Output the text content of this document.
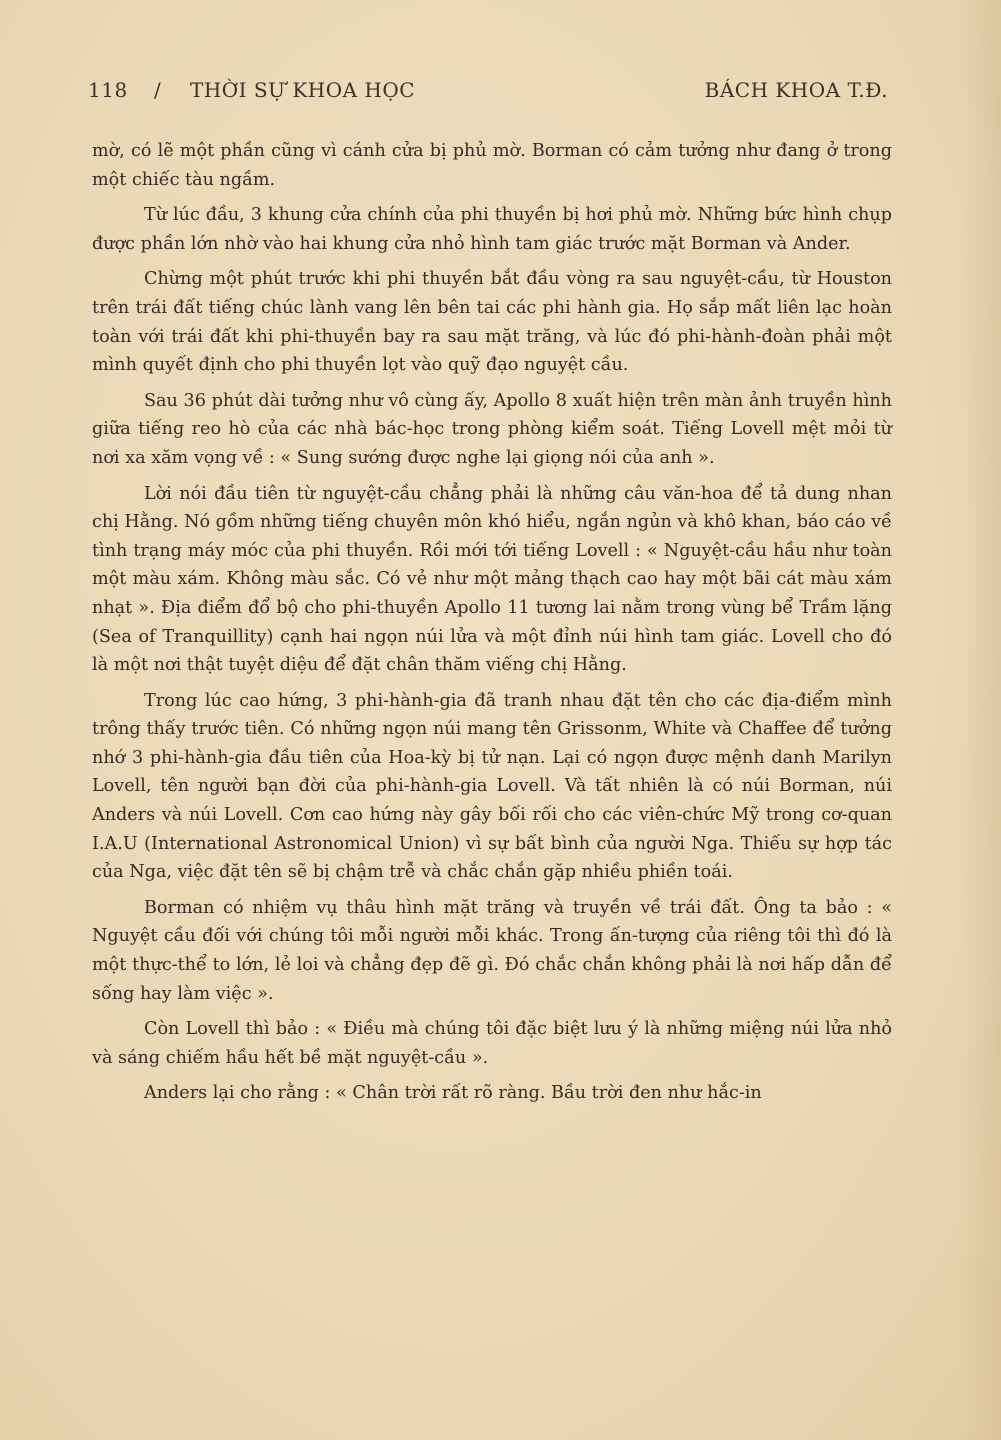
118 / THỜI SỰ KHOA HỌC	BÁCH KHOA T.Đ.

mờ, có lẽ một phần cũng vì cánh cửa bị phủ mờ. Borman có cảm tưởng như đang ở trong một chiếc tàu ngầm.

Từ lúc đầu, 3 khung cửa chính của phi thuyền bị hơi phủ mờ. Những bức hình chụp được phần lớn nhờ vào hai khung cửa nhỏ hình tam giác trước mặt Borman và Ander.

Chừng một phút trước khi phi thuyền bắt đầu vòng ra sau nguyệt-cầu, từ Houston trên trái đất tiếng chúc lành vang lên bên tai các phi hành gia. Họ sắp mất liên lạc hoàn toàn với trái đất khi phi-thuyền bay ra sau mặt trăng, và lúc đó phi-hành-đoàn phải một mình quyết định cho phi thuyền lọt vào quỹ đạo nguyệt cầu.

Sau 36 phút dài tưởng như vô cùng ấy, Apollo 8 xuất hiện trên màn ảnh truyền hình giữa tiếng reo hò của các nhà bác-học trong phòng kiểm soát. Tiếng Lovell mệt mỏi từ nơi xa xăm vọng về : « Sung sướng được nghe lại giọng nói của anh ».

Lời nói đầu tiên từ nguyệt-cầu chẳng phải là những câu văn-hoa để tả dung nhan chị Hằng. Nó gồm những tiếng chuyên môn khó hiểu, ngắn ngủn và khô khan, báo cáo về tình trạng máy móc của phi thuyền. Rồi mới tới tiếng Lovell : « Nguyệt-cầu hầu như toàn một màu xám. Không màu sắc. Có vẻ như một mảng thạch cao hay một bãi cát màu xám nhạt ». Địa điểm đổ bộ cho phi-thuyền Apollo 11 tương lai nằm trong vùng bể Trầm lặng (Sea of Tranquillity) cạnh hai ngọn núi lửa và một đỉnh núi hình tam giác. Lovell cho đó là một nơi thật tuyệt diệu để đặt chân thăm viếng chị Hằng.

Trong lúc cao hứng, 3 phi-hành-gia đã tranh nhau đặt tên cho các địa-điểm mình trông thấy trước tiên. Có những ngọn núi mang tên Grissonm, White và Chaffee để tưởng nhớ 3 phi-hành-gia đầu tiên của Hoa-kỳ bị tử nạn. Lại có ngọn được mệnh danh Marilyn Lovell, tên người bạn đời của phi-hành-gia Lovell. Và tất nhiên là có núi Borman, núi Anders và núi Lovell. Cơn cao hứng này gây bối rối cho các viên-chức Mỹ trong cơ-quan I.A.U (International Astronomical Union) vì sự bất bình của người Nga. Thiếu sự hợp tác của Nga, việc đặt tên sẽ bị chậm trễ và chắc chắn gặp nhiều phiền toái.

Borman có nhiệm vụ thâu hình mặt trăng và truyền về trái đất. Ông ta bảo : « Nguyệt cầu đối với chúng tôi mỗi người mỗi khác. Trong ấn-tượng của riêng tôi thì đó là một thực-thể to lớn, lẻ loi và chẳng đẹp đẽ gì. Đó chắc chắn không phải là nơi hấp dẫn để sống hay làm việc ».

Còn Lovell thì bảo : « Điều mà chúng tôi đặc biệt lưu ý là những miệng núi lửa nhỏ và sáng chiếm hầu hết bề mặt nguyệt-cầu ».

Anders lại cho rằng : « Chân trời rất rõ ràng. Bầu trời đen như hắc-in
